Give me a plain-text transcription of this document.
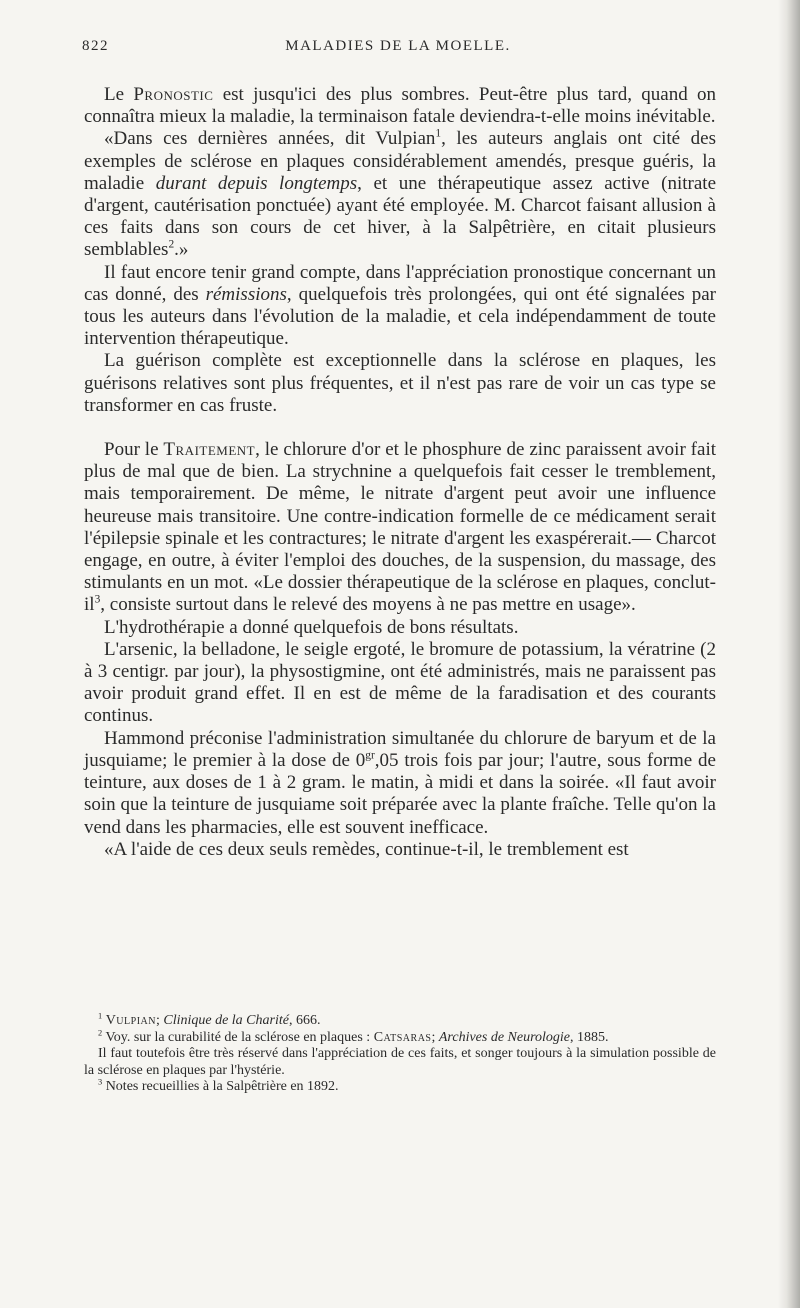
822	MALADIES DE LA MOELLE.

Le Pronostic est jusqu'ici des plus sombres. Peut-être plus tard, quand on connaîtra mieux la maladie, la terminaison fatale deviendra-t-elle moins inévitable.

«Dans ces dernières années, dit Vulpian$^1$, les auteurs anglais ont cité des exemples de sclérose en plaques considérablement amendés, presque guéris, la maladie durant depuis longtemps, et une thérapeutique assez active (nitrate d'argent, cautérisation ponctuée) ayant été employée. M. Charcot faisant allusion à ces faits dans son cours de cet hiver, à la Salpêtrière, en citait plusieurs semblables$^2$.»

Il faut encore tenir grand compte, dans l'appréciation pronostique concernant un cas donné, des rémissions, quelquefois très prolongées, qui ont été signalées par tous les auteurs dans l'évolution de la maladie, et cela indépendamment de toute intervention thérapeutique.

La guérison complète est exceptionnelle dans la sclérose en plaques, les guérisons relatives sont plus fréquentes, et il n'est pas rare de voir un cas type se transformer en cas fruste.

Pour le Traitement, le chlorure d'or et le phosphure de zinc paraissent avoir fait plus de mal que de bien. La strychnine a quelquefois fait cesser le tremblement, mais temporairement. De même, le nitrate d'argent peut avoir une influence heureuse mais transitoire. Une contre-indication formelle de ce médicament serait l'épilepsie spinale et les contractures; le nitrate d'argent les exaspérerait.— Charcot engage, en outre, à éviter l'emploi des douches, de la suspension, du massage, des stimulants en un mot. «Le dossier thérapeutique de la sclérose en plaques, conclut-$il^3$, consiste surtout dans le relevé des moyens à ne pas mettre en usage».

L'hydrothérapie a donné quelquefois de bons résultats.

L'arsenic, la belladone, le seigle ergoté, le bromure de potassium, la vératrine (2 à 3 centigr. par jour), la physostigmine, ont été administrés, mais ne paraissent pas avoir produit grand effet. Il en est de même de la faradisation et des courants continus.

Hammond préconise l'administration simultanée du chlorure de baryum et de la jusquiame; le premier à la dose de $0^{gr},05$ trois fois par jour; l'autre, sous forme de teinture, aux doses de 1 à 2 gram. le matin, à midi et dans la soirée. «Il faut avoir soin que la teinture de jusquiame soit préparée avec la plante fraîche. Telle qu'on la vend dans les pharmacies, elle est souvent inefficace.

«A l'aide de ces deux seuls remèdes, continue-t-il, le tremblement est

$^1$ Vulpian; Clinique de la Charité, 666.

$^2$ Voy. sur la curabilité de la sclérose en plaques : Catsaras; Archives de Neurologie, 1885.

Il faut toutefois être très réservé dans l'appréciation de ces faits, et songer toujours à la simulation possible de la sclérose en plaques par l'hystérie.

$^3$ Notes recueillies à la Salpêtrière en 1892.
